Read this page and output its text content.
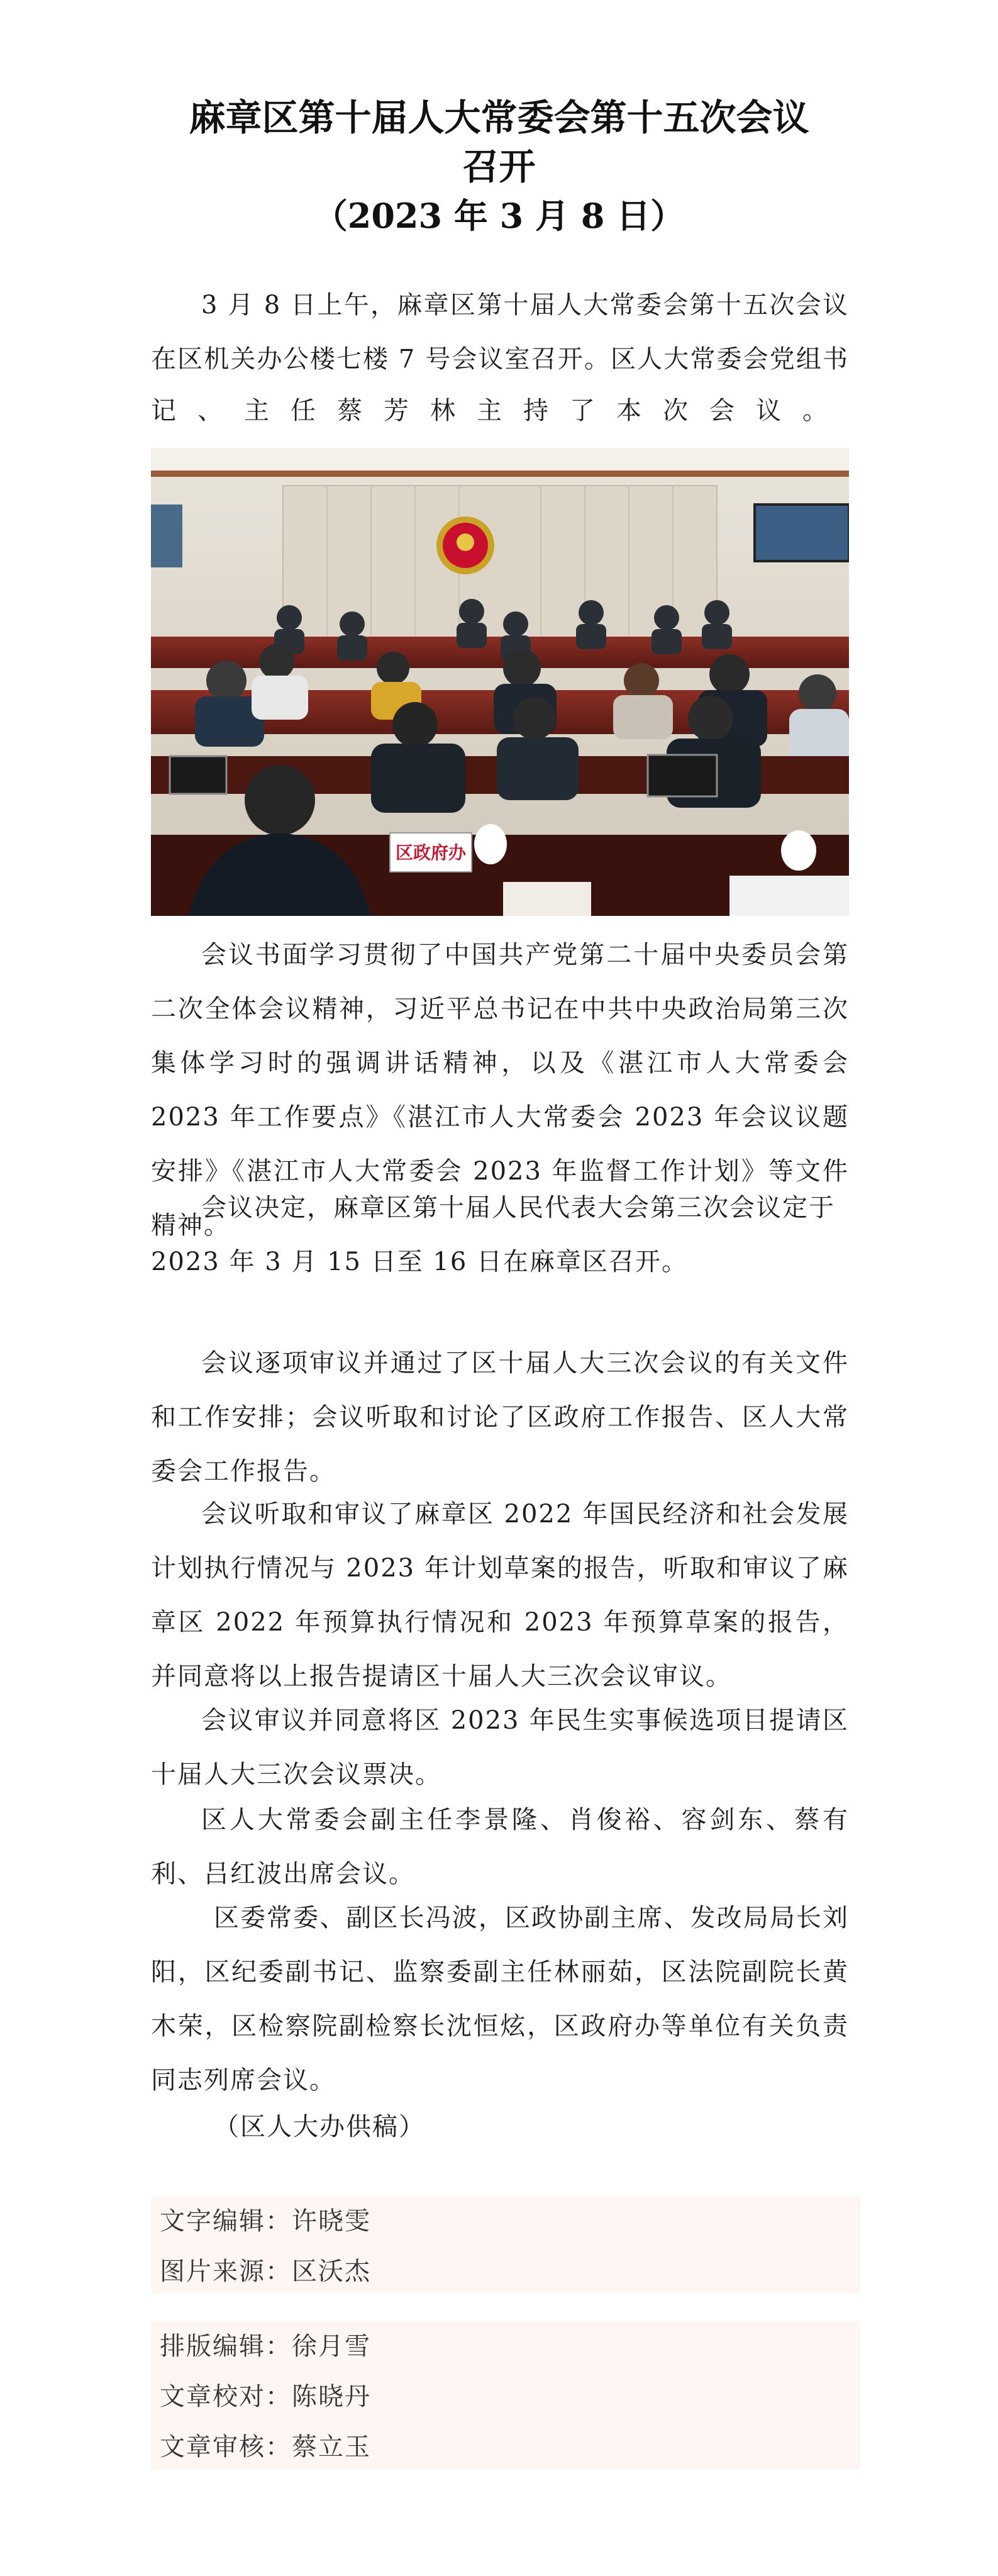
麻章区第十届人大常委会第十五次会议
召开
（2023 年 3 月 8 日）

3 月 8 日上午，麻章区第十届人大常委会第十五次会议

在区机关办公楼七楼 7 号会议室召开。区人大常委会党组书

记、主任蔡芳林主持了本次会议。

区政府办

会议书面学习贯彻了中国共产党第二十届中央委员会第二次全体会议精神，习近平总书记在中共中央政治局第三次集体学习时的强调讲话精神，以及《湛江市人大常委会 2023 年工作要点》《湛江市人大常委会 2023 年会议议题安排》《湛江市人大常委会 2023 年监督工作计划》等文件精神。

会议决定，麻章区第十届人民代表大会第三次会议定于 2023 年 3 月 15 日至 16 日在麻章区召开。

会议逐项审议并通过了区十届人大三次会议的有关文件和工作安排；会议听取和讨论了区政府工作报告、区人大常委会工作报告。

会议听取和审议了麻章区 2022 年国民经济和社会发展计划执行情况与 2023 年计划草案的报告，听取和审议了麻章区 2022 年预算执行情况和 2023 年预算草案的报告，并同意将以上报告提请区十届人大三次会议审议。

会议审议并同意将区 2023 年民生实事候选项目提请区十届人大三次会议票决。

区人大常委会副主任李景隆、肖俊裕、容剑东、蔡有利、吕红波出席会议。

区委常委、副区长冯波，区政协副主席、发改局局长刘阳，区纪委副书记、监察委副主任林丽茹，区法院副院长黄木荣，区检察院副检察长沈恒炫，区政府办等单位有关负责同志列席会议。

（区人大办供稿）

文字编辑：许晓雯
图片来源：区沃杰
排版编辑：徐月雪
文章校对：陈晓丹
文章审核：蔡立玉
